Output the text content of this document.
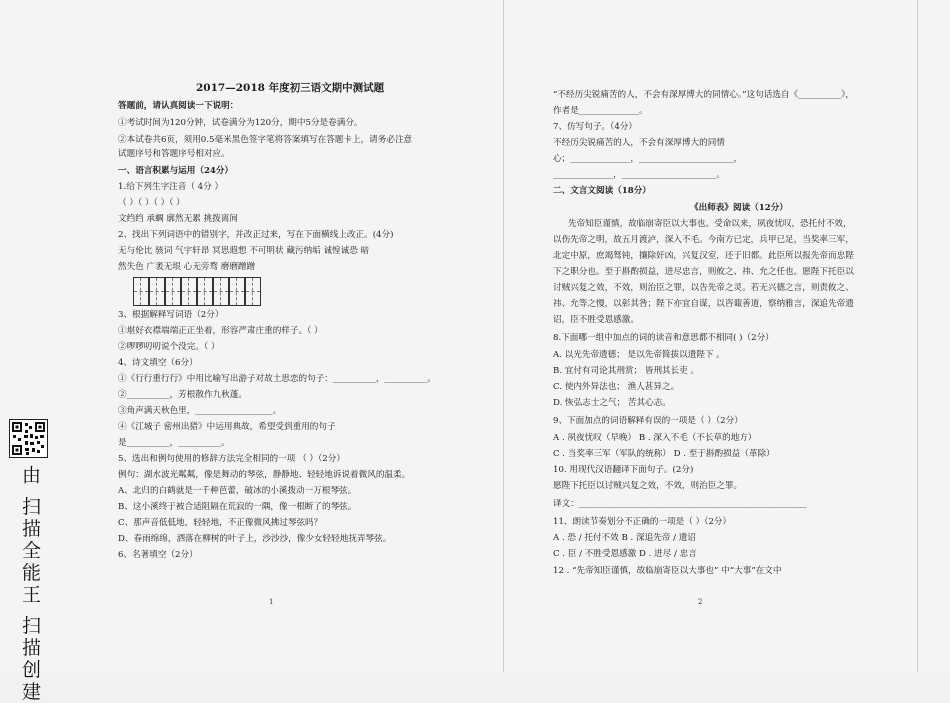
由 扫描全能王 扫描创建
2017—2018 年度初三语文期中测试题
答题前，请认真阅读一下说明：
①考试时间为120分钟，试卷满分为120分，期中5分是卷满分。
②本试卷共6页，须用0.5毫米黑色签字笔将答案填写在答题卡上，请务必注意
试题序号和答题序号相对应。
一、语言积累与运用（24分）
1.给下列生字注音（ 4分 ）
（ ）（ ）（ ）（ ）
文绉绉 承蜩 廓然无累 挑拨离间
2、找出下列词语中的错别字，并改正过来，写在下面横线上改正。(4分)
无与伦比 骇词 气宇轩昂 冥思遐想 不可明状 藏污纳垢 诚惶诚恐 暗
然失色 广袤无垠 心无旁骛 磨磨蹭蹭
3、根据解释写词语（2分）
①堪好衣襟端端正正坐着，形容严肃庄重的样子。（ ）
②啰啰叨叨说个没完。（ ）
4、诗文填空（6分）
①《行行重行行》中用比喻写出游子对故土思恋的句子：__________，__________。
②__________，芳根散作九秋蓬。
③角声满天秋色里，__________________。
④《江城子 密州出猎》中运用典故，希望受到重用的句子
是__________，__________。
5、选出和例句使用的修辞方法完全相同的一项 （ ）（2分）
例句：湖水波光粼粼，像是舞动的琴弦，静静地、轻轻地诉说着微风的温柔。
A、北归的白鹤就是一千种芭蕾，破冰的小溪拨动一万根琴弦。
B、这小溪终于被合适阻隔在荒寂的一隅，像一根断了的琴弦。
C、那声音低低地，轻轻地，不正像微风拂过琴弦吗？
D、春雨绵绵，洒落在柳树的叶子上，沙沙沙，像少女轻轻地抚弄琴弦。
6、名著填空（2分）
1
“不经历尖锐痛苦的人，不会有深厚博大的同情心。”这句话选自《__________》，
作者是______________。
7、仿写句子。（4分）
不经历尖锐痛苦的人，不会有深厚博大的同情
心；______________，______________________，
______________，______________________。
二、文言文阅读（18分）
《出师表》阅读（12分）
先帝知臣谨慎，故临崩寄臣以大事也。受命以来，夙夜忧叹，恐托付不效，
以伤先帝之明，故五月渡泸，深入不毛。今南方已定，兵甲已足，当奖率三军，
北定中原，庶竭驽钝，攘除奸凶，兴复汉室，还于旧都。此臣所以报先帝而忠陛
下之职分也。至于斟酌损益，进尽忠言，则攸之、祎、允之任也。愿陛下托臣以
讨贼兴复之效，不效，则治臣之罪，以告先帝之灵。若无兴德之言，则责攸之、
祎、允等之慢，以彰其咎；陛下亦宜自谋，以咨诹善道，察纳雅言，深追先帝遗
诏，臣不胜受恩感激。
8.下面哪一组中加点的词的读音和意思都不相同( )（2分）
A. 以光先帝遗德； 是以先帝简拔以遗陛下 。
B. 宜付有司论其刑赏； 皆刑其长吏 。
C. 使内外异法也； 渔人甚异之。
D. 恢弘志士之气； 苦其心志。
9、下面加点的词语解释有误的一项是（ ）（2分）
A . 夙夜忧叹（早晚） B . 深入不毛（不长草的地方）
C . 当奖率三军（军队的统称） D . 至于斟酌损益（革除）
10. 用现代汉语翻译下面句子。(2分)
愿陛下托臣以讨贼兴复之效，不效，则治臣之罪。
译文：_____________________________________________________
11、朗读节奏划分不正确的一项是（ ）（2分）
A . 恐 / 托付不效 B . 深追先帝 / 遗诏
C . 臣 / 不胜受恩感激 D . 进尽 / 忠言
12 . “先帝知臣谨慎，故临崩寄臣以大事也” 中“大事”在文中
2
